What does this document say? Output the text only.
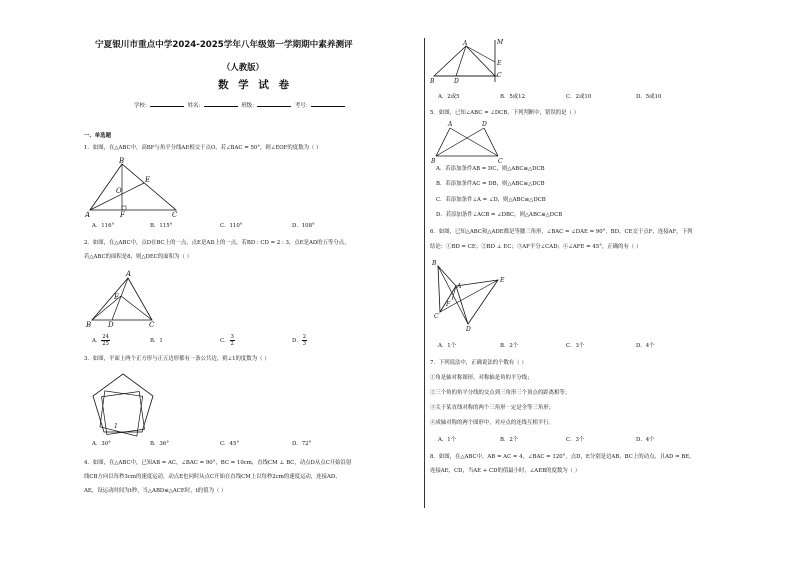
宁夏银川市重点中学2024-2025学年八年级第一学期期中素养测评
（人教版）
数 学 试 卷
学校：	姓名：	班级：	考号：
一、单选题
1．如图，在△ABC中，高BF与角平分线AE相交于点O，若∠BAC = 50°，则∠EOF的度数为（ ）
B
E
O
A	F	C
A．116°	B．115°	C．110°	D．108°
2．如图，在△ABC中，点D在BC上的一点，点E是AD上的一点，若BD : CD = 2 : 3，点E是AD的五等分点，
若△ABC的面积是8，则△DEC的面积为（ ）
A
E
B D	C
A． $\frac{24}{25}$	B．1	C． $\frac{3}{2}$	D． $\frac{2}{3}$
3．如图，平面上两个正方形与正五边形都有一条公共边，则∠1的度数为（ ）
1
A．30°	B．36°	C．45°	D．72°
4．如图，在△ABC中，已知AB = AC，∠BAC = 90°，BC = 10cm，直线CM ⊥ BC，动点D从点C开始沿射
线CB方向以每秒3cm的速度运动，动点E也同时从点C开始在直线CM上以每秒2cm的速度运动，连接AD、
AE，设运动时间为t秒，当△ABD≌△ACE时，t的值为（ ）
A	M
E
B	D
C
A．2或5	B．5或12	C．2或10	D．5或10
5．如图，已知∠ABC = ∠DCB，下列判断中，错误的是（ ）
A	D
B	C
A．若添加条件AB = DC，则△ABC≌△DCB
B．若添加条件AC = DB，则△ABC≌△DCB
C．若添加条件∠A = ∠D，则△ABC≌△DCB
D．若添加条件∠ACB = ∠DBC，则△ABC≌△DCB
6．如图，已知△ABC和△ADE都是等腰三角形，∠BAC = ∠DAE = 90°，BD，CE交于点F，连接AF，下列
结论：①BD = CE；②BD ⊥ EC；③AF平分∠CAD；④∠AFE = 45°，正确的有（ ）
B
A
E
C
F
D
A．1个	B．2个	C．3个	D．4个
7．下列说法中，正确说法的个数有（ ）
①角是轴对称图形，对称轴是角的平分线；
②三个角的角平分线的交点到三角形三个顶点的距离相等；
③关于某直线对称的两个三角形一定是全等三角形；
④成轴对称的两个图形中，对应点的连线互相平行。
A．1个	B．2个	C．3个	D．4个
8．如图，在△ABC中，AB = AC = 4，∠BAC = 120°，点D，E分别是边AB，BC上的动点，且AD = BE，
连接AE，CD，当AE + CD的值最小时，∠AEB的度数为（ ）
